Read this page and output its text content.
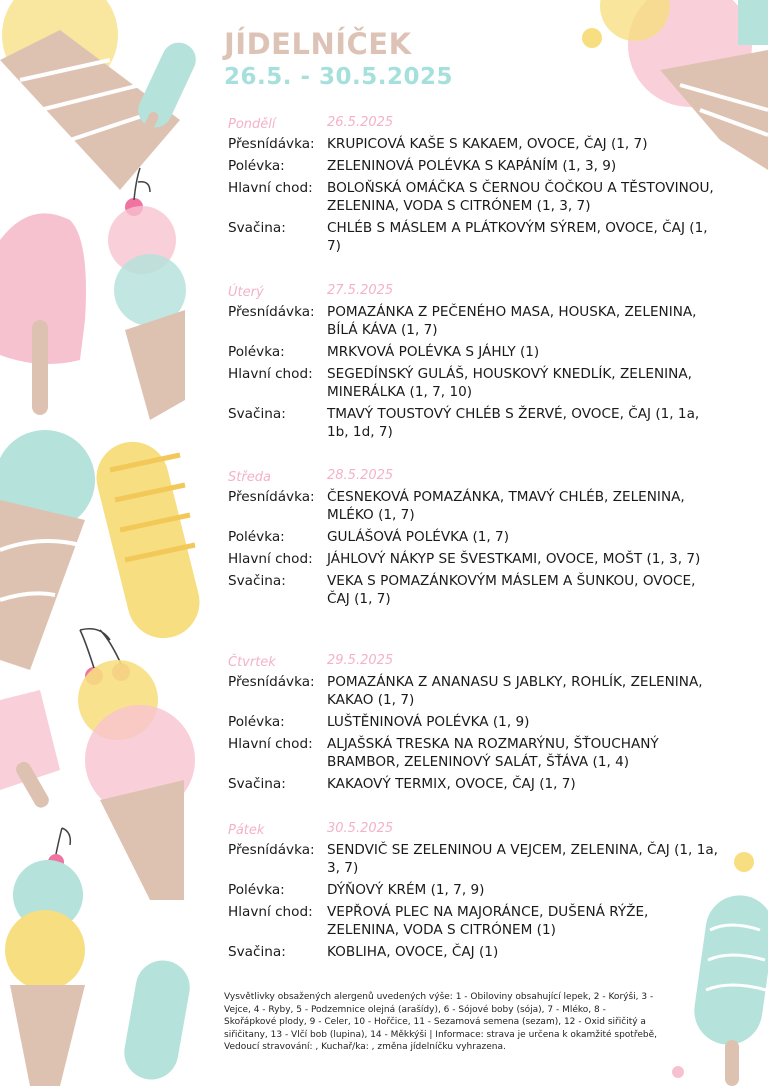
JÍDELNÍČEK
26.5. - 30.5.2025
Pondělí	26.5.2025
Přesnídávka: KRUPICOVÁ KAŠE S KAKAEM, OVOCE, ČAJ (1, 7)
Polévka:	ZELENINOVÁ POLÉVKA S KAPÁNÍM (1, 3, 9)
Hlavní chod:	BOLOŇSKÁ OMÁČKA S ČERNOU ČOČKOU A TĚSTOVINOU, ZELENINA, VODA S CITRÓNEM (1, 3, 7)
Svačina:	CHLÉB S MÁSLEM A PLÁTKOVÝM SÝREM, OVOCE, ČAJ (1, 7)
Úterý	27.5.2025
Přesnídávka: POMAZÁNKA Z PEČENÉHO MASA, HOUSKA, ZELENINA, BÍLÁ KÁVA (1, 7)
Polévka:	MRKVOVÁ POLÉVKA S JÁHLY (1)
Hlavní chod:	SEGEDÍNSKÝ GULÁŠ, HOUSKOVÝ KNEDLÍK, ZELENINA, MINERÁLKA (1, 7, 10)
Svačina:	TMAVÝ TOUSTOVÝ CHLÉB S ŽERVÉ, OVOCE, ČAJ (1, 1a, 1b, 1d, 7)
Středa	28.5.2025
Přesnídávka: ČESNEKOVÁ POMAZÁNKA, TMAVÝ CHLÉB, ZELENINA, MLÉKO (1, 7)
Polévka:	GULÁŠOVÁ POLÉVKA (1, 7)
Hlavní chod:	JÁHLOVÝ NÁKYP SE ŠVESTKAMI, OVOCE, MOŠT (1, 3, 7)
Svačina:	VEKA S POMAZÁNKOVÝM MÁSLEM A ŠUNKOU, OVOCE, ČAJ (1, 7)
Čtvrtek	29.5.2025
Přesnídávka: POMAZÁNKA Z ANANASU S JABLKY, ROHLÍK, ZELENINA, KAKAO (1, 7)
Polévka:	LUŠTĚNINOVÁ POLÉVKA (1, 9)
Hlavní chod:	ALJAŠSKÁ TRESKA NA ROZMARÝNU, ŠŤOUCHANÝ BRAMBOR, ZELENINOVÝ SALÁT, ŠŤÁVA (1, 4)
Svačina:	KAKAOVÝ TERMIX, OVOCE, ČAJ (1, 7)
Pátek	30.5.2025
Přesnídávka: SENDVIČ SE ZELENINOU A VEJCEM, ZELENINA, ČAJ (1, 1a, 3, 7)
Polévka:	DÝŇOVÝ KRÉM (1, 7, 9)
Hlavní chod:	VEPŘOVÁ PLEC NA MAJORÁNCE, DUŠENÁ RÝŽE, ZELENINA, VODA S CITRÓNEM (1)
Svačina:	KOBLIHA, OVOCE, ČAJ (1)
Vysvětlivky obsažených alergenů uvedených výše: 1 - Obiloviny obsahující lepek, 2 - Korýši, 3 - Vejce, 4 - Ryby, 5 - Podzemnice olejná (arašídy), 6 - Sójové boby (sója), 7 - Mléko, 8 - Skořápkové plody, 9 - Celer, 10 - Hořčice, 11 - Sezamová semena (sezam), 12 - Oxid siřičitý a siřičitany, 13 - Vlčí bob (lupina), 14 - Měkkýši | Informace: strava je určena k okamžité spotřebě, Vedoucí stravování: , Kuchař/ka: , změna jídelníčku vyhrazena.
